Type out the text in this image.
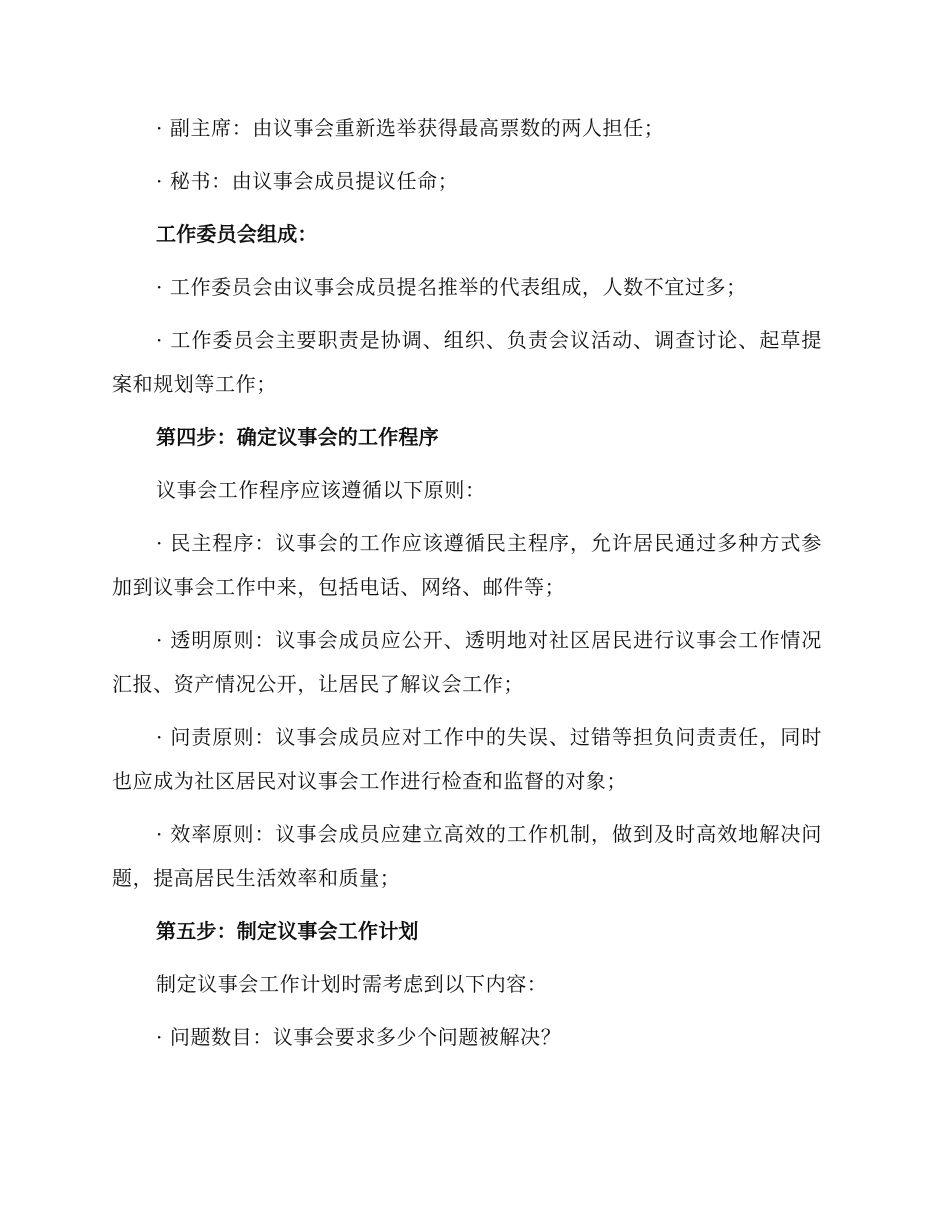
· 副主席：由议事会重新选举获得最高票数的两人担任；

· 秘书：由议事会成员提议任命；

工作委员会组成：

· 工作委员会由议事会成员提名推举的代表组成，人数不宜过多；

· 工作委员会主要职责是协调、组织、负责会议活动、调查讨论、起草提案和规划等工作；

第四步：确定议事会的工作程序

议事会工作程序应该遵循以下原则：

· 民主程序：议事会的工作应该遵循民主程序，允许居民通过多种方式参加到议事会工作中来，包括电话、网络、邮件等；

· 透明原则：议事会成员应公开、透明地对社区居民进行议事会工作情况汇报、资产情况公开，让居民了解议会工作；

· 问责原则：议事会成员应对工作中的失误、过错等担负问责责任，同时也应成为社区居民对议事会工作进行检查和监督的对象；

· 效率原则：议事会成员应建立高效的工作机制，做到及时高效地解决问题，提高居民生活效率和质量；

第五步：制定议事会工作计划

制定议事会工作计划时需考虑到以下内容：

· 问题数目：议事会要求多少个问题被解决？
